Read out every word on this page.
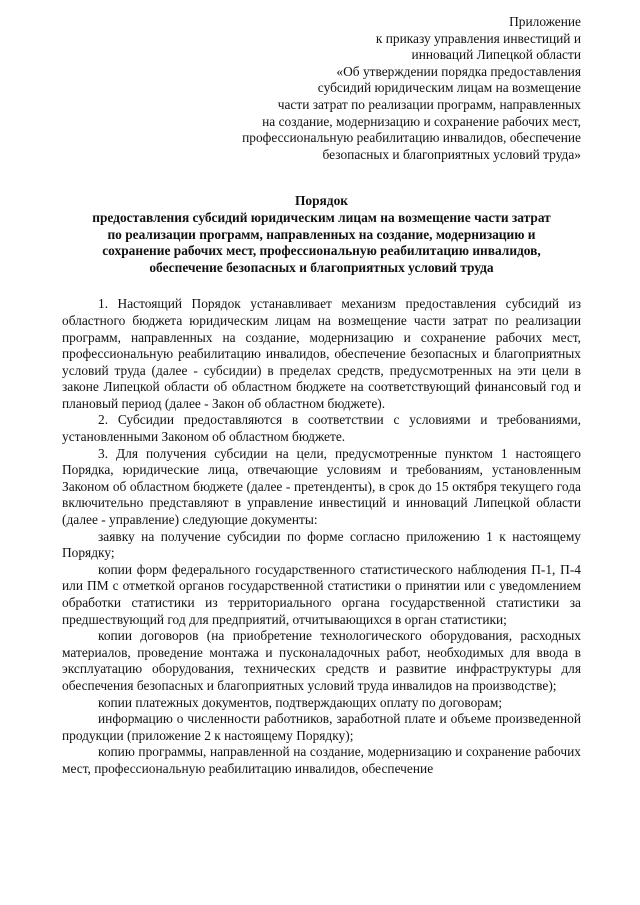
Приложение
к приказу управления инвестиций и
инноваций Липецкой области
«Об утверждении порядка предоставления
субсидий юридическим лицам на возмещение
части затрат по реализации программ, направленных
на создание, модернизацию и сохранение рабочих мест,
профессиональную реабилитацию инвалидов, обеспечение
безопасных и благоприятных условий труда»
Порядок
предоставления субсидий юридическим лицам на возмещение части затрат
по реализации программ, направленных на создание, модернизацию и
сохранение рабочих мест, профессиональную реабилитацию инвалидов,
обеспечение безопасных и благоприятных условий труда

1. Настоящий Порядок устанавливает механизм предоставления субсидий из областного бюджета юридическим лицам на возмещение части затрат по реализации программ, направленных на создание, модернизацию и сохранение рабочих мест, профессиональную реабилитацию инвалидов, обеспечение безопасных и благоприятных условий труда (далее - субсидии) в пределах средств, предусмотренных на эти цели в законе Липецкой области об областном бюджете на соответствующий финансовый год и плановый период (далее - Закон об областном бюджете).

2. Субсидии предоставляются в соответствии с условиями и требованиями, установленными Законом об областном бюджете.

3. Для получения субсидии на цели, предусмотренные пунктом 1 настоящего Порядка, юридические лица, отвечающие условиям и требованиям, установленным Законом об областном бюджете (далее - претенденты), в срок до 15 октября текущего года включительно представляют в управление инвестиций и инноваций Липецкой области (далее - управление) следующие документы:

заявку на получение субсидии по форме согласно приложению 1 к настоящему Порядку;

копии форм федерального государственного статистического наблюдения П-1, П-4 или ПМ с отметкой органов государственной статистики о принятии или с уведомлением обработки статистики из территориального органа государственной статистики за предшествующий год для предприятий, отчитывающихся в орган статистики;

копии договоров (на приобретение технологического оборудования, расходных материалов, проведение монтажа и пусконаладочных работ, необходимых для ввода в эксплуатацию оборудования, технических средств и развитие инфраструктуры для обеспечения безопасных и благоприятных условий труда инвалидов на производстве);

копии платежных документов, подтверждающих оплату по договорам;

информацию о численности работников, заработной плате и объеме произведенной продукции (приложение 2 к настоящему Порядку);

копию программы, направленной на создание, модернизацию и сохранение рабочих мест, профессиональную реабилитацию инвалидов, обеспечение
